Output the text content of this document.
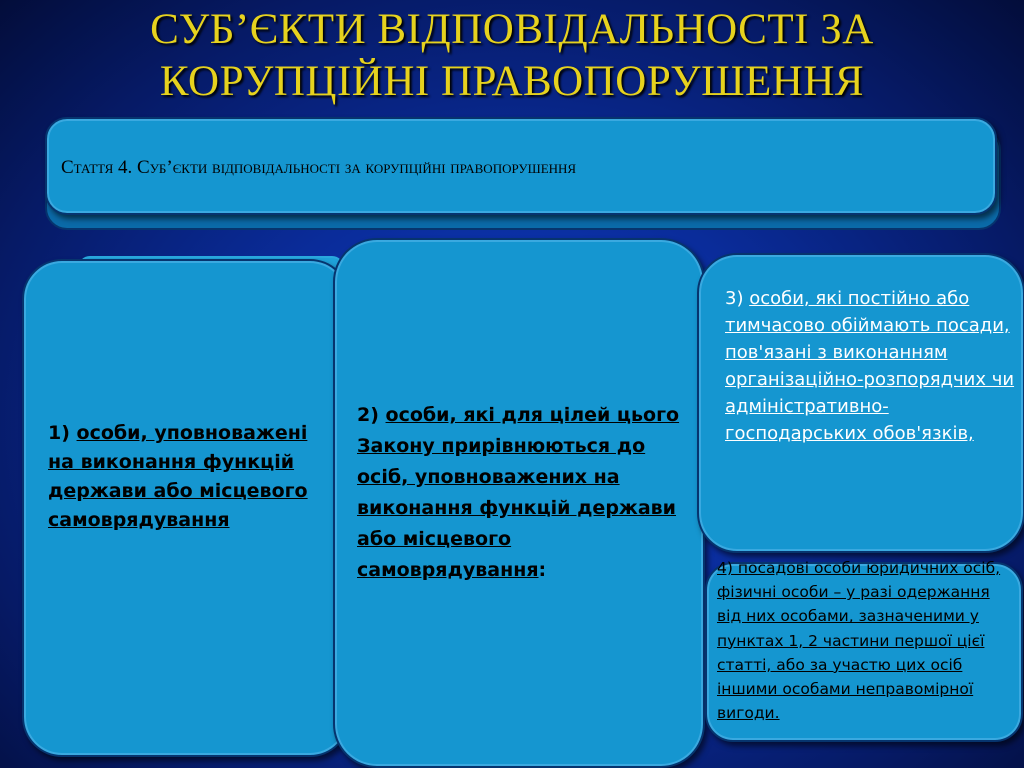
СУБ’ЄКТИ ВІДПОВІДАЛЬНОСТІ ЗА
КОРУПЦІЙНІ ПРАВОПОРУШЕННЯ
Стаття 4. Суб’єкти відповідальності за корупційні правопорушення
1) особи, уповноважені на виконання функцій держави або місцевого самоврядування
2) особи, які для цілей цього Закону прирівнюються до осіб, уповноважених на виконання функцій держави або місцевого самоврядування:
3) особи, які постійно або тимчасово обіймають посади, пов'язані з виконанням організаційно-розпорядчих чи адміністративно-господарських обов'язків,
4) посадові особи юридичних осіб, фізичні особи – у разі одержання від них особами, зазначеними у пунктах 1, 2 частини першої цієї статті, або за участю цих осіб іншими особами неправомірної вигоди.
